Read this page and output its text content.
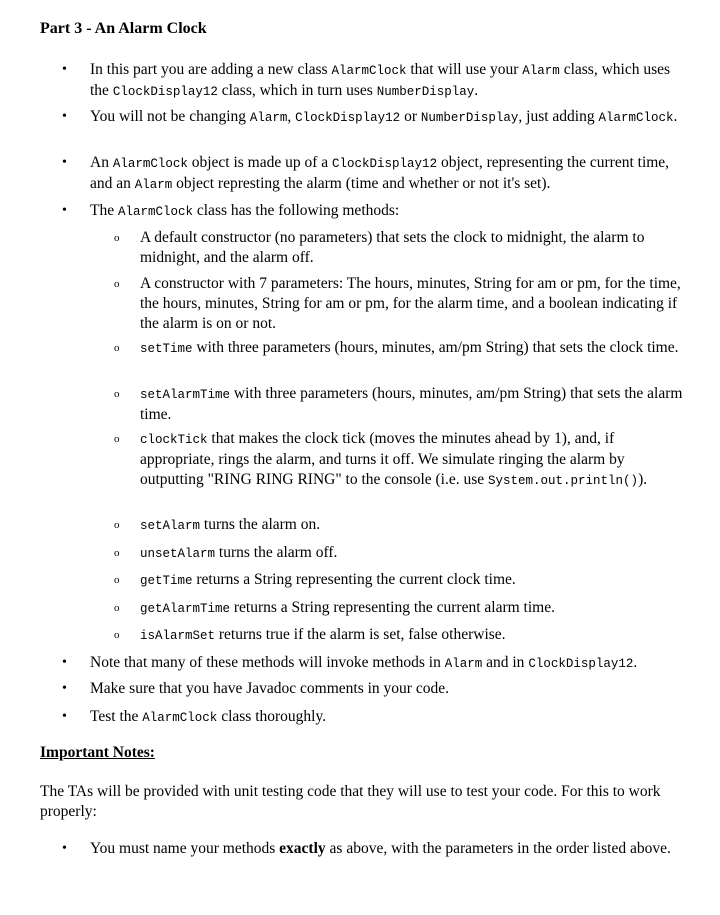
Part 3 - An Alarm Clock
• In this part you are adding a new class AlarmClock that will use your Alarm class, which uses the ClockDisplay12 class, which in turn uses NumberDisplay.
• You will not be changing Alarm, ClockDisplay12 or NumberDisplay, just adding AlarmClock.
• An AlarmClock object is made up of a ClockDisplay12 object, representing the current time, and an Alarm object represting the alarm (time and whether or not it's set).
• The AlarmClock class has the following methods:
o A default constructor (no parameters) that sets the clock to midnight, the alarm to midnight, and the alarm off.
o A constructor with 7 parameters: The hours, minutes, String for am or pm, for the time, the hours, minutes, String for am or pm, for the alarm time, and a boolean indicating if the alarm is on or not.
o setTime with three parameters (hours, minutes, am/pm String) that sets the clock time.
o setAlarmTime with three parameters (hours, minutes, am/pm String) that sets the alarm time.
o clockTick that makes the clock tick (moves the minutes ahead by 1), and, if appropriate, rings the alarm, and turns it off. We simulate ringing the alarm by outputting "RING RING RING" to the console (i.e. use System.out.println()).
o setAlarm turns the alarm on.
o unsetAlarm turns the alarm off.
o getTime returns a String representing the current clock time.
o getAlarmTime returns a String representing the current alarm time.
o isAlarmSet returns true if the alarm is set, false otherwise.
• Note that many of these methods will invoke methods in Alarm and in ClockDisplay12.
• Make sure that you have Javadoc comments in your code.
• Test the AlarmClock class thoroughly.
Important Notes:

The TAs will be provided with unit testing code that they will use to test your code. For this to work properly:

• You must name your methods exactly as above, with the parameters in the order listed above.
